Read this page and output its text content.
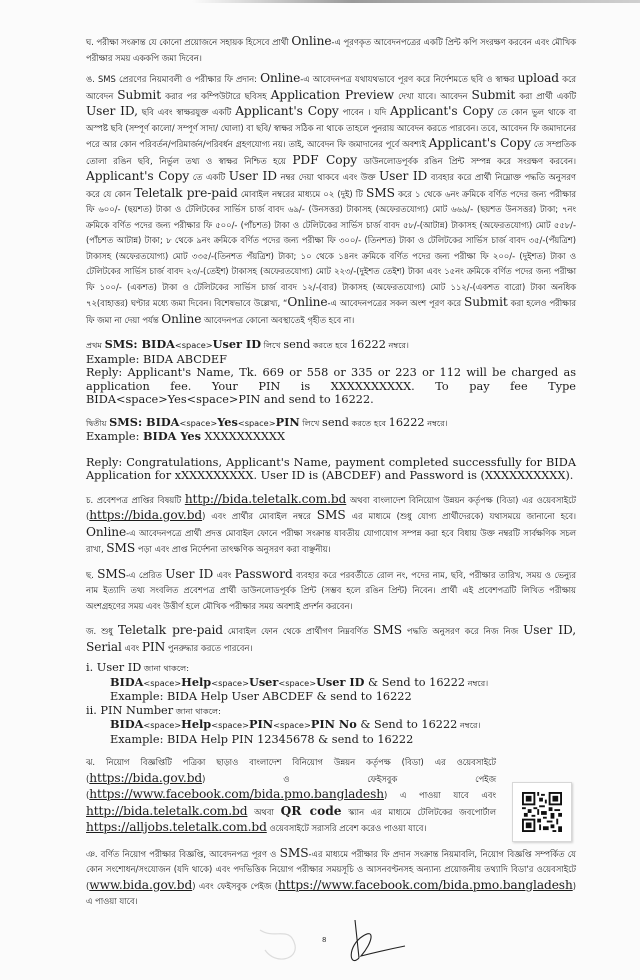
ঘ. পরীক্ষা সংক্রান্ত যে কোনো প্রয়োজনে সহায়ক হিসেবে প্রার্থী Online-এ পূরণকৃত আবেদনপত্রের একটি প্রিন্ট কপি সংরক্ষণ করবেন এবং মৌখিক পরীক্ষার সময় এককপি জমা দিবেন।

ঙ. SMS প্রেরণের নিয়মাবলী ও পরীক্ষার ফি প্রদান: Online-এ আবেদনপত্র যথাযথভাবে পূরণ করে নির্দেশমতে ছবি ও স্বাক্ষর upload করে আবেদন Submit করার পর কম্পিউটারে ছবিসহ Application Preview দেখা যাবে। আবেদন Submit করা প্রার্থী একটি User ID, ছবি এবং স্বাক্ষরযুক্ত একটি Applicant's Copy পাবেন । যদি Applicant's Copy তে কোন ভুল থাকে বা অস্পষ্ট ছবি (সম্পূর্ণ কালো/ সম্পূর্ণ সাদা/ ঘোলা) বা ছবি/ স্বাক্ষর সঠিক না থাকে তাহলে পুনরায় আবেদন করতে পারবেন। তবে, আবেদন ফি জমাদানের পরে আর কোন পরিবর্তন/পরিমার্জন/পরিবর্ধন গ্রহণযোগ্য নয়। তাই, আবেদন ফি জমাদানের পূর্বে অবশ্যই Applicant's Copy তে সম্প্রতিক তোলা রঙিন ছবি, নির্ভুল তথ্য ও স্বাক্ষর নিশ্চিত হয়ে PDF Copy ডাউনলোডপূর্বক রঙিন প্রিন্ট সম্পন্ন করে সংরক্ষণ করবেন। Applicant's Copy তে একটি User ID নম্বর দেয়া থাকবে এবং উক্ত User ID ব্যবহার করে প্রার্থী নিম্নোক্ত পদ্ধতি অনুসরণ করে যে কোন Teletalk pre-paid মোবাইল নম্বরের মাধ্যমে ০২ (দুই) টি SMS করে ১ থেকে ৬নং ক্রমিকে বর্ণিত পদের জন্য পরীক্ষার ফি ৬০০/- (ছয়শত) টাকা ও টেলিটকের সার্ভিস চার্জ বাবদ ৬৯/- (উনসত্তর) টাকাসহ (অফেরতযোগ্য) মোট ৬৬৯/- (ছয়শত উনসত্তর) টাকা; ৭নং ক্রমিকে বর্ণিত পদের জন্য পরীক্ষার ফি ৫০০/- (পাঁচশত) টাকা ও টেলিটকের সার্ভিস চার্জ বাবদ ৫৮/-(আটান্ন) টাকাসহ (অফেরতযোগ্য) মোট ৫৫৮/- (পাঁচশত আটান্ন) টাকা; ৮ থেকে ৯নং ক্রমিকে বর্ণিত পদের জন্য পরীক্ষা ফি ৩০০/- (তিনশত) টাকা ও টেলিটকের সার্ভিস চার্জ বাবদ ৩৫/-(পঁয়ত্রিশ) টাকাসহ (অফেরতযোগ্য) মোট ৩৩৫/-(তিনশত পঁয়ত্রিশ) টাকা; ১০ থেকে ১৪নং ক্রমিকে বর্ণিত পদের জন্য পরীক্ষা ফি ২০০/- (দুইশত) টাকা ও টেলিটকের সার্ভিস চার্জ বাবদ ২৩/-(তেইশ) টাকাসহ (অফেরতযোগ্য) মোট ২২৩/-(দুইশত তেইশ) টাকা এবং ১৫নং ক্রমিকে বর্ণিত পদের জন্য পরীক্ষা ফি ১০০/- (একশত) টাকা ও টেলিটকের সার্ভিস চার্জ বাবদ ১২/-(বার) টাকাসহ (অফেরতযোগ্য) মোট ১১২/-(একশত বারো) টাকা অনধিক ৭২(বাহাত্তর) ঘণ্টার মধ্যে জমা দিবেন। বিশেষভাবে উল্লেখ্য, “Online-এ আবেদনপত্রের সকল অংশ পূরণ করে Submit করা হলেও পরীক্ষার ফি জমা না দেয়া পর্যন্ত Online আবেদনপত্র কোনো অবস্থাতেই গৃহীত হবে না।

প্রথম SMS: BIDA<space>User ID লিখে send করতে হবে 16222 নম্বরে।
Example: BIDA ABCDEF
Reply: Applicant's Name, Tk. 669 or 558 or 335 or 223 or 112 will be charged as application fee. Your PIN is XXXXXXXXXX. To pay fee Type BIDA<space>Yes<space>PIN and send to 16222.
দ্বিতীয় SMS: BIDA<space>Yes<space>PIN লিখে send করতে হবে 16222 নম্বরে।
Example: BIDA Yes XXXXXXXXXX
Reply: Congratulations, Applicant's Name, payment completed successfully for BIDA Application for xXXXXXXXXX. User ID is (ABCDEF) and Password is (XXXXXXXXXX).

চ. প্রবেশপত্র প্রাপ্তির বিষয়টি http://bida.teletalk.com.bd অথবা বাংলাদেশ বিনিয়োগ উন্নয়ন কর্তৃপক্ষ (বিডা) এর ওয়েবসাইটে (https://bida.gov.bd) এবং প্রার্থীর মোবাইল নম্বরে SMS এর মাধ্যমে (শুধু যোগ্য প্রার্থীদেরকে) যথাসময়ে জানানো হবে। Online-এ আবেদনপত্রে প্রার্থী প্রদত্ত মোবাইল ফোনে পরীক্ষা সংক্রান্ত যাবতীয় যোগাযোগ সম্পন্ন করা হবে বিধায় উক্ত নম্বরটি সার্বক্ষণিক সচল রাখা, SMS পড়া এবং প্রাপ্ত নির্দেশনা তাৎক্ষণিক অনুসরণ করা বাঞ্ছনীয়।

ছ. SMS-এ প্রেরিত User ID এবং Password ব্যবহার করে পরবর্তীতে রোল নং, পদের নাম, ছবি, পরীক্ষার তারিখ, সময় ও ভেন্যুর নাম ইত্যাদি তথ্য সংবলিত প্রবেশপত্র প্রার্থী ডাউনলোডপূর্বক প্রিন্ট (সম্ভব হলে রঙিন প্রিন্ট) নিবেন। প্রার্থী এই প্রবেশপত্রটি লিখিত পরীক্ষায় অংশগ্রহণের সময় এবং উত্তীর্ণ হলে মৌখিক পরীক্ষার সময় অবশ্যই প্রদর্শন করবেন।

জ. শুধু Teletalk pre-paid মোবাইল ফোন থেকে প্রার্থীগণ নিম্নবর্ণিত SMS পদ্ধতি অনুসরণ করে নিজ নিজ User ID, Serial এবং PIN পুনরুদ্ধার করতে পারবেন।

i. User ID জানা থাকলে:
BIDA<space>Help<space>User<space>User ID & Send to 16222 নম্বরে।
Example: BIDA Help User ABCDEF & send to 16222
ii. PIN Number জানা থাকলে:
BIDA<space>Help<space>PIN<space>PIN No & Send to 16222 নম্বরে।
Example: BIDA Help PIN 12345678 & send to 16222

ঝ. নিয়োগ বিজ্ঞপ্তিটি পত্রিকা ছাড়াও বাংলাদেশ বিনিয়োগ উন্নয়ন কর্তৃপক্ষ (বিডা) এর ওয়েবসাইটে (https://bida.gov.bd) ও ফেইসবুক পেইজ (https://www.facebook.com/bida.pmo.bangladesh) এ পাওয়া যাবে এবং http://bida.teletalk.com.bd অথবা QR code স্ক্যান এর মাধ্যমে টেলিটকের জবপোর্টাল https://alljobs.teletalk.com.bd ওয়েবসাইটে সরাসরি প্রবেশ করেও পাওয়া যাবে।

ঞ. বর্ণিত নিয়োগ পরীক্ষার বিজ্ঞপ্তি, আবেদনপত্র পূরণ ও SMS-এর মাধ্যমে পরীক্ষার ফি প্রদান সংক্রান্ত নিয়মাবলি, নিয়োগ বিজ্ঞপ্তি সম্পর্কিত যে কোন সংশোধন/সংযোজন (যদি থাকে) এবং পদভিত্তিক নিয়োগ পরীক্ষার সময়সূচি ও আসনবণ্টনসহ অন্যান্য প্রয়োজনীয় তথ্যাদি বিডা'র ওয়েবসাইটে (www.bida.gov.bd) এবং ফেইসবুক পেইজ (https://www.facebook.com/bida.pmo.bangladesh) এ পাওয়া যাবে।

8
